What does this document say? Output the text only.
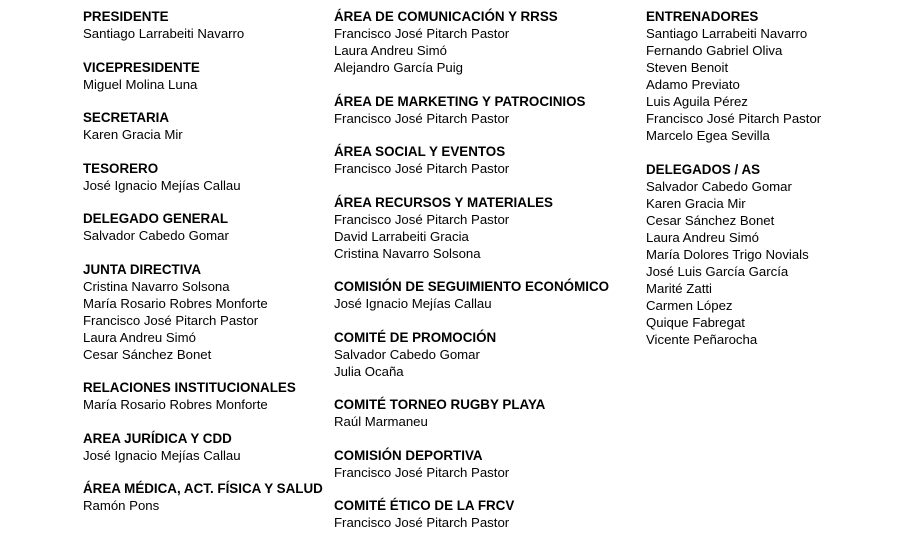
PRESIDENTE
Santiago Larrabeiti Navarro
VICEPRESIDENTE
Miguel Molina Luna
SECRETARIA
Karen Gracia Mir
TESORERO
José Ignacio Mejías Callau
DELEGADO GENERAL
Salvador Cabedo Gomar
JUNTA DIRECTIVA
Cristina Navarro Solsona
María Rosario Robres Monforte
Francisco José Pitarch Pastor
Laura Andreu Simó
Cesar Sánchez Bonet
RELACIONES INSTITUCIONALES
María Rosario Robres Monforte
AREA JURÍDICA Y CDD
José Ignacio Mejías Callau
ÁREA MÉDICA, ACT. FÍSICA Y SALUD
Ramón Pons
ÁREA DE COMUNICACIÓN Y RRSS
Francisco José Pitarch Pastor
Laura Andreu Simó
Alejandro García Puig
ÁREA DE MARKETING Y PATROCINIOS
Francisco José Pitarch Pastor
ÁREA SOCIAL Y EVENTOS
Francisco José Pitarch Pastor
ÁREA RECURSOS Y MATERIALES
Francisco José Pitarch Pastor
David Larrabeiti Gracia
Cristina Navarro Solsona
COMISIÓN DE SEGUIMIENTO ECONÓMICO
José Ignacio Mejías Callau
COMITÉ DE PROMOCIÓN
Salvador Cabedo Gomar
Julia Ocaña
COMITÉ TORNEO RUGBY PLAYA
Raúl Marmaneu
COMISIÓN DEPORTIVA
Francisco José Pitarch Pastor
COMITÉ ÉTICO DE LA FRCV
Francisco José Pitarch Pastor
ENTRENADORES
Santiago Larrabeiti Navarro
Fernando Gabriel Oliva
Steven Benoit
Adamo Previato
Luis Aguila Pérez
Francisco José Pitarch Pastor
Marcelo Egea Sevilla
DELEGADOS / AS
Salvador Cabedo Gomar
Karen Gracia Mir
Cesar Sánchez Bonet
Laura Andreu Simó
María Dolores Trigo Novials
José Luis García García
Marité Zatti
Carmen López
Quique Fabregat
Vicente Peñarocha
